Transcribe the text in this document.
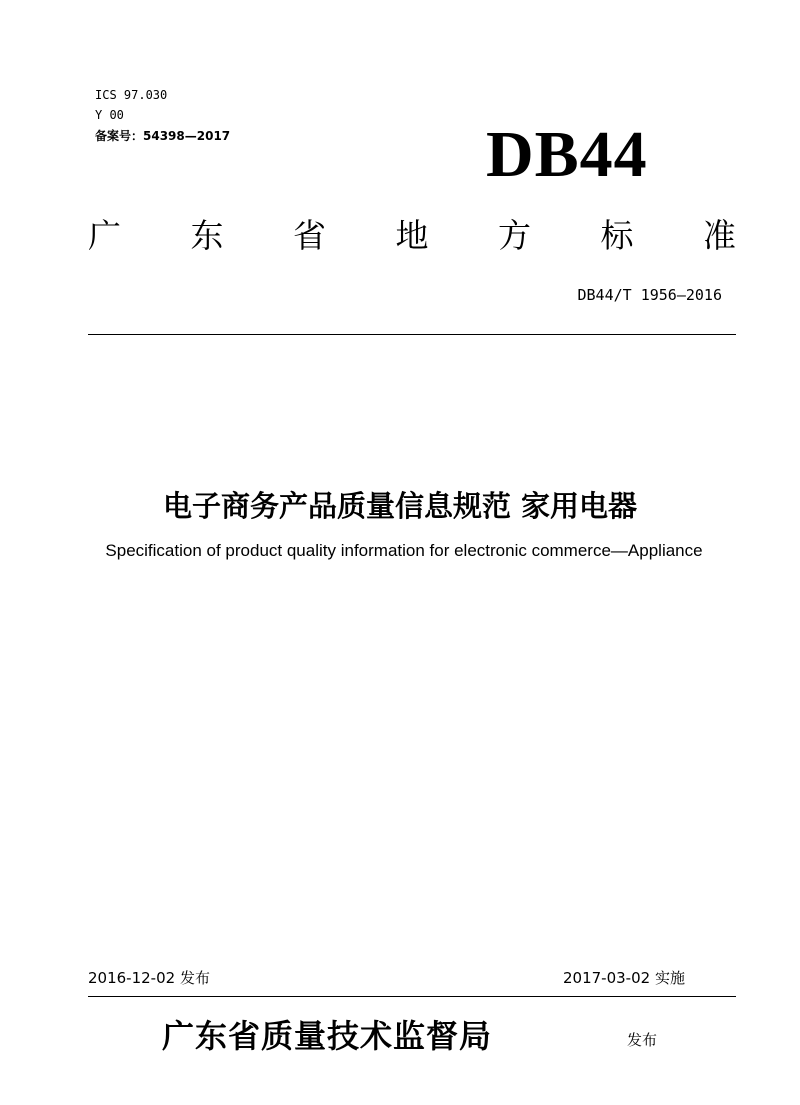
ICS 97.030
Y 00
备案号：54398—2017	DB44
广 东 省 地 方 标 准
DB44/T 1956—2016
电子商务产品质量信息规范 家用电器
Specification of product quality information for electronic commerce—Appliance
2016-12-02 发布	2017-03-02 实施
广东省质量技术监督局	发布
